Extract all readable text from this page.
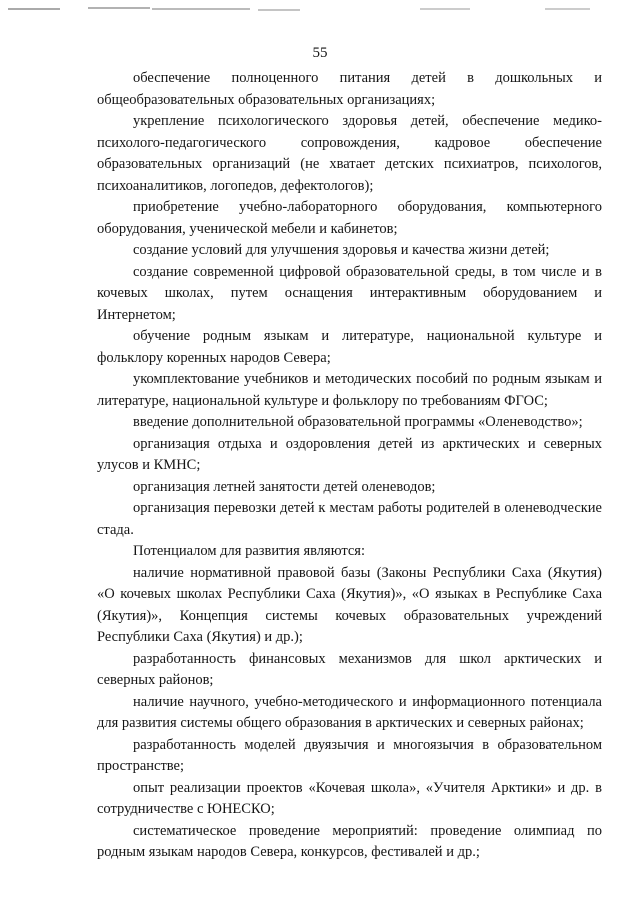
55

обеспечение полноценного питания детей в дошкольных и общеобразовательных образовательных организациях;

укрепление психологического здоровья детей, обеспечение медико-психолого-педагогического сопровождения, кадровое обеспечение образовательных организаций (не хватает детских психиатров, психологов, психоаналитиков, логопедов, дефектологов);

приобретение учебно-лабораторного оборудования, компьютерного оборудования, ученической мебели и кабинетов;

создание условий для улучшения здоровья и качества жизни детей;

создание современной цифровой образовательной среды, в том числе и в кочевых школах, путем оснащения интерактивным оборудованием и Интернетом;

обучение родным языкам и литературе, национальной культуре и фольклору коренных народов Севера;

укомплектование учебников и методических пособий по родным языкам и литературе, национальной культуре и фольклору по требованиям ФГОС;

введение дополнительной образовательной программы «Оленеводство»;

организация отдыха и оздоровления детей из арктических и северных улусов и КМНС;

организация летней занятости детей оленеводов;

организация перевозки детей к местам работы родителей в оленеводческие стада.

Потенциалом для развития являются:

наличие нормативной правовой базы (Законы Республики Саха (Якутия) «О кочевых школах Республики Саха (Якутия)», «О языках в Республике Саха (Якутия)», Концепция системы кочевых образовательных учреждений Республики Саха (Якутия) и др.);

разработанность финансовых механизмов для школ арктических и северных районов;

наличие научного, учебно-методического и информационного потенциала для развития системы общего образования в арктических и северных районах;

разработанность моделей двуязычия и многоязычия в образовательном пространстве;

опыт реализации проектов «Кочевая школа», «Учителя Арктики» и др. в сотрудничестве с ЮНЕСКО;

систематическое проведение мероприятий: проведение олимпиад по родным языкам народов Севера, конкурсов, фестивалей и др.;
